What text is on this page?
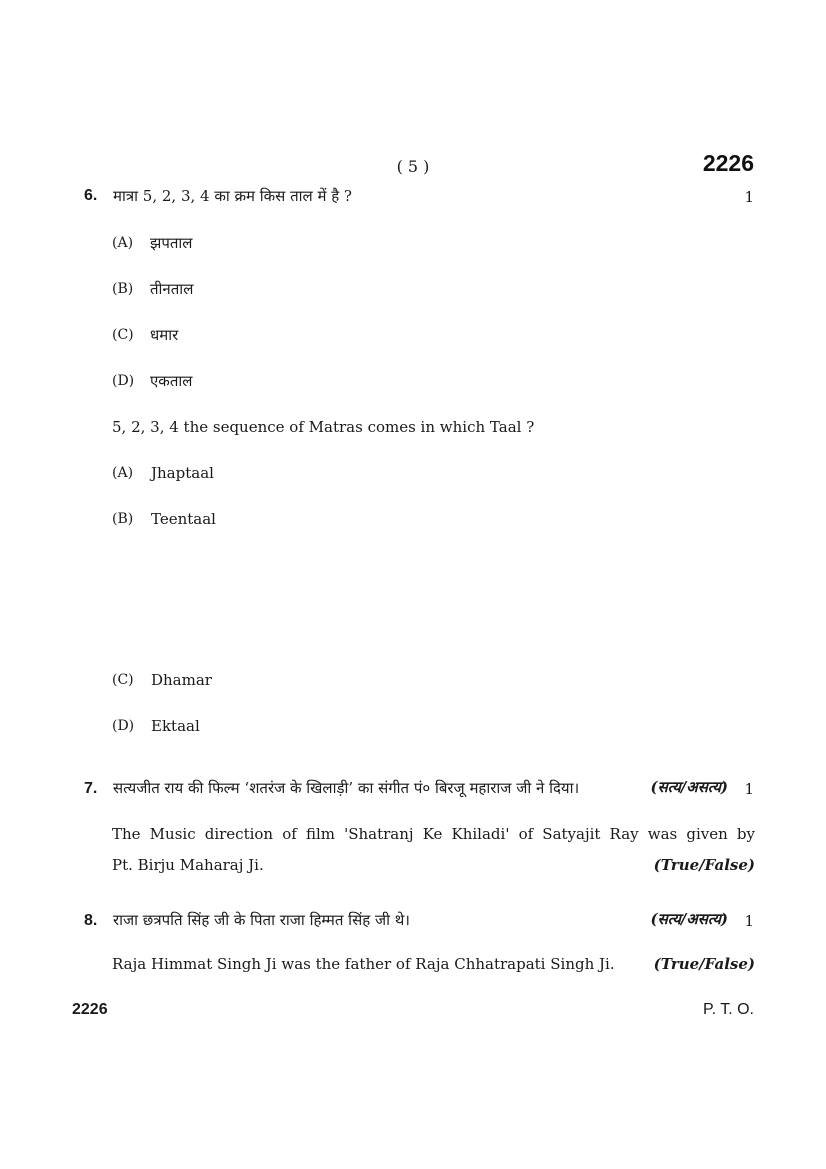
( 5 )	2226
6. मात्रा 5, 2, 3, 4 का क्रम किस ताल में है ?	1
(A) झपताल
(B) तीनताल
(C) धमार
(D) एकताल
5, 2, 3, 4 the sequence of Matras comes in which Taal ?
(A) Jhaptaal
(B) Teentaal
(C) Dhamar
(D) Ektaal
7. सत्यजीत राय की फिल्म ‘शतरंज के खिलाड़ी’ का संगीत पं० बिरजू महाराज जी ने दिया।	(सत्य/असत्य) 1
The Music direction of film 'Shatranj Ke Khiladi' of Satyajit Ray was given by
Pt. Birju Maharaj Ji.	(True/False)
8. राजा छत्रपति सिंह जी के पिता राजा हिम्मत सिंह जी थे।	(सत्य/असत्य) 1
Raja Himmat Singh Ji was the father of Raja Chhatrapati Singh Ji.	(True/False)
2226	P. T. O.
